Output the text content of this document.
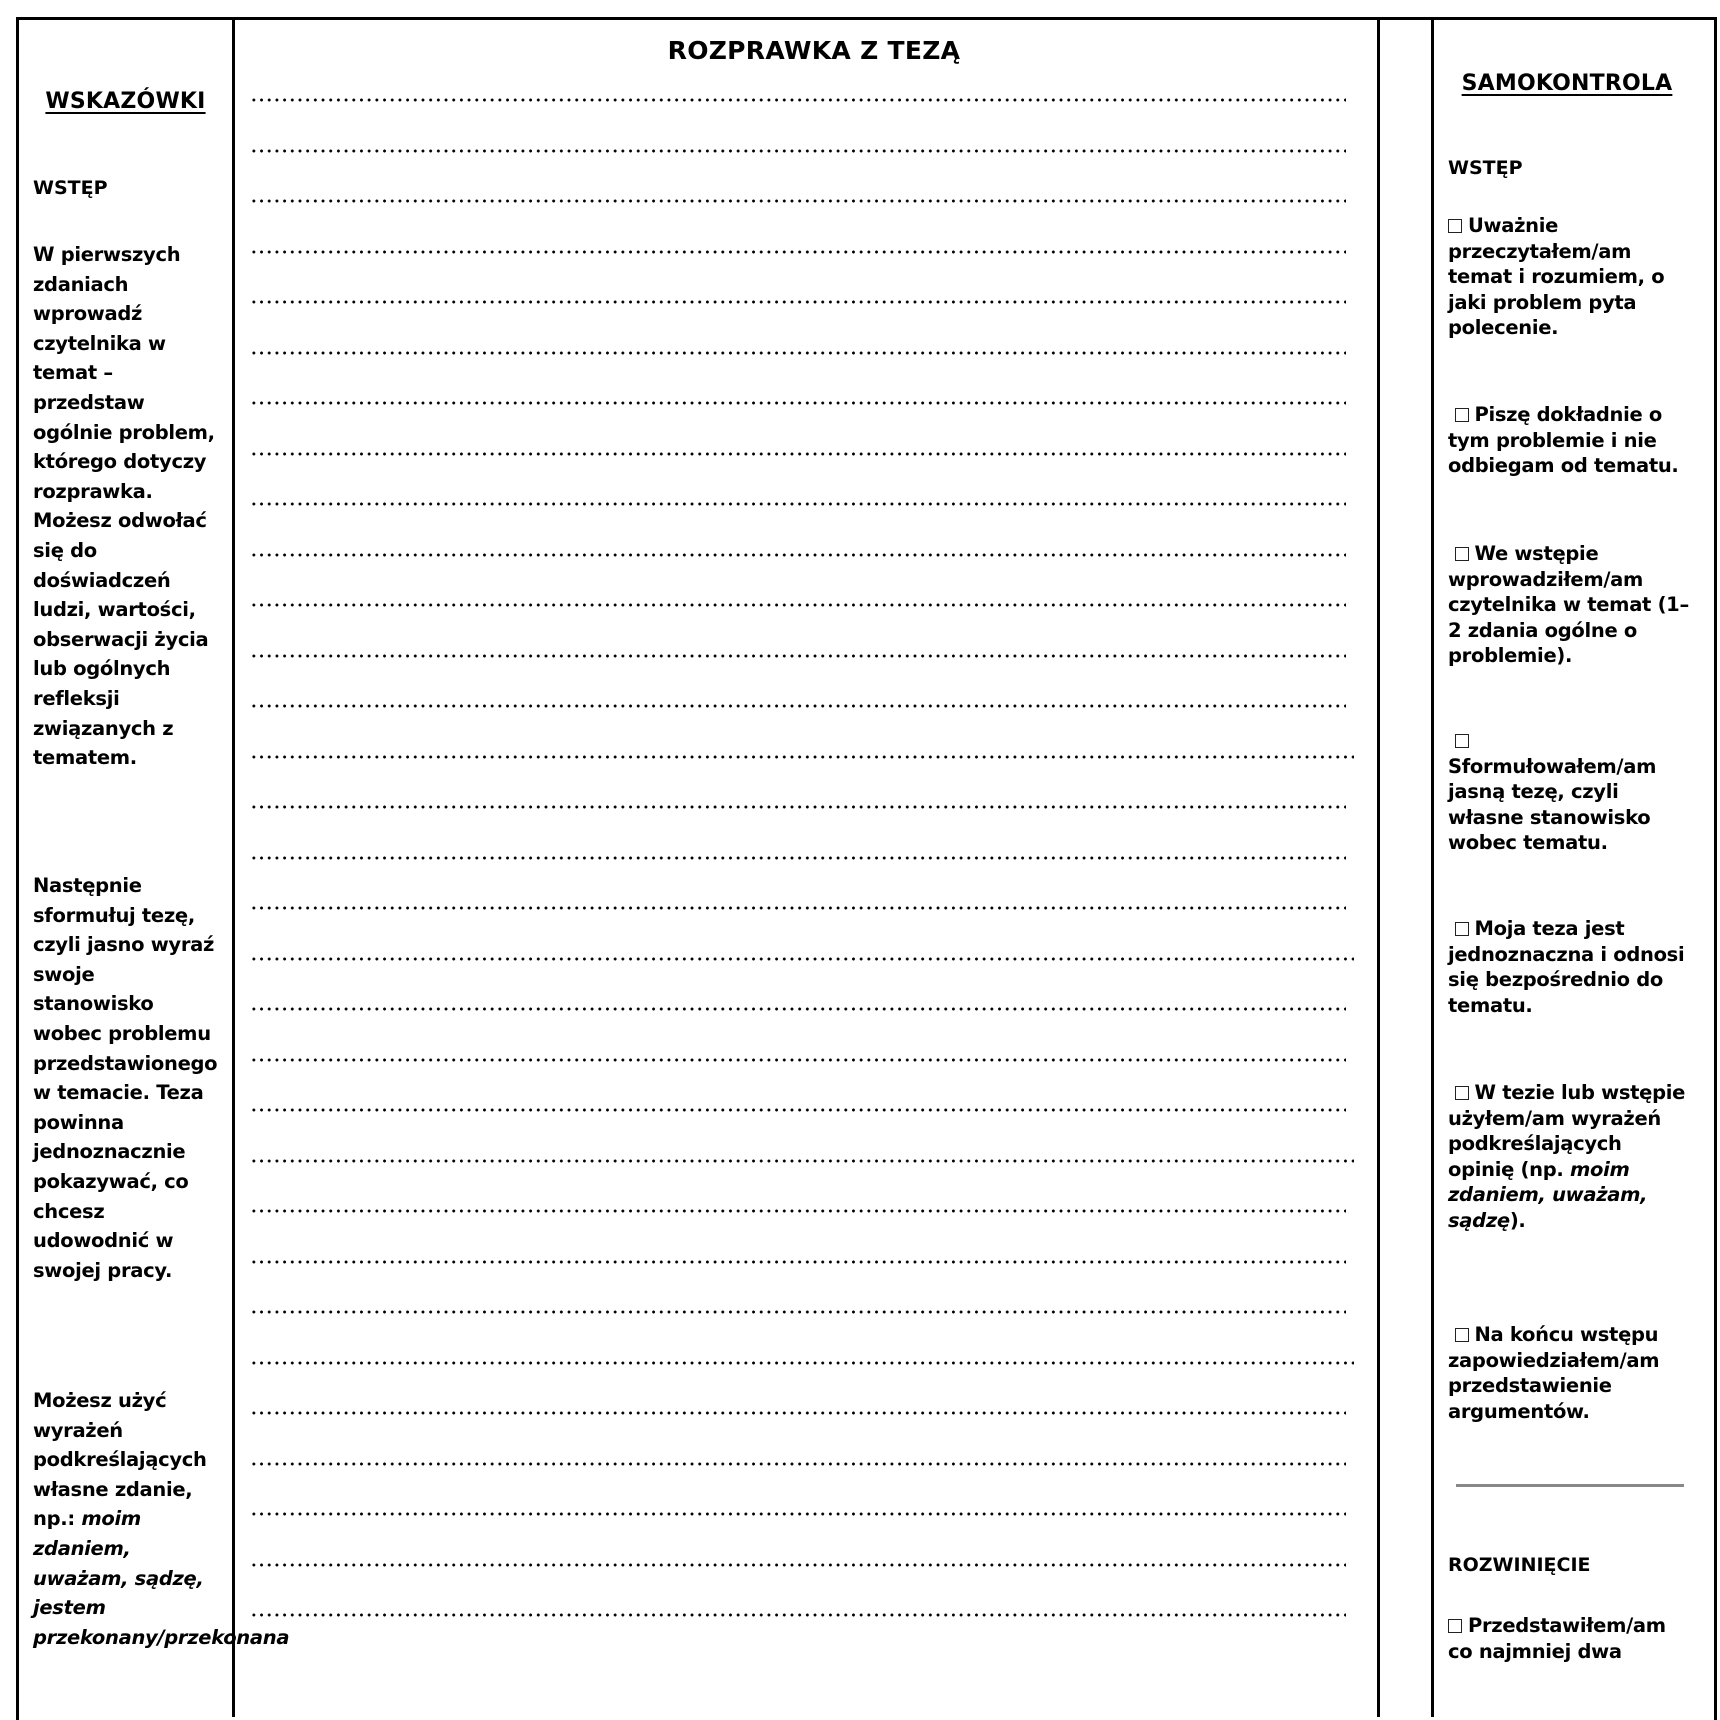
WSKAZÓWKI
WSTĘP
W pierwszych zdaniach wprowadź czytelnika w temat – przedstaw ogólnie problem, którego dotyczy rozprawka. Możesz odwołać się do doświadczeń ludzi, wartości, obserwacji życia lub ogólnych refleksji związanych z tematem.
Następnie sformułuj tezę, czyli jasno wyraź swoje stanowisko wobec problemu przedstawionego w temacie. Teza powinna jednoznacznie pokazywać, co chcesz udowodnić w swojej pracy.
Możesz użyć wyrażeń podkreślających własne zdanie, np.: moim zdaniem, uważam, sądzę, jestem przekonany/przekonana
ROZPRAWKA Z TEZĄ
SAMOKONTROLA
WSTĘP
Uważnie przeczytałem/am temat i rozumiem, o jaki problem pyta polecenie.
Piszę dokładnie o tym problemie i nie odbiegam od tematu.
We wstępie wprowadziłem/am czytelnika w temat (1–2 zdania ogólne o problemie).
Sformułowałem/am jasną tezę, czyli własne stanowisko wobec tematu.
Moja teza jest jednoznaczna i odnosi się bezpośrednio do tematu.
W tezie lub wstępie użyłem/am wyrażeń podkreślających opinię (np. moim zdaniem, uważam, sądzę).
Na końcu wstępu zapowiedziałem/am przedstawienie argumentów.
ROZWINIĘCIE
Przedstawiłem/am co najmniej dwa
